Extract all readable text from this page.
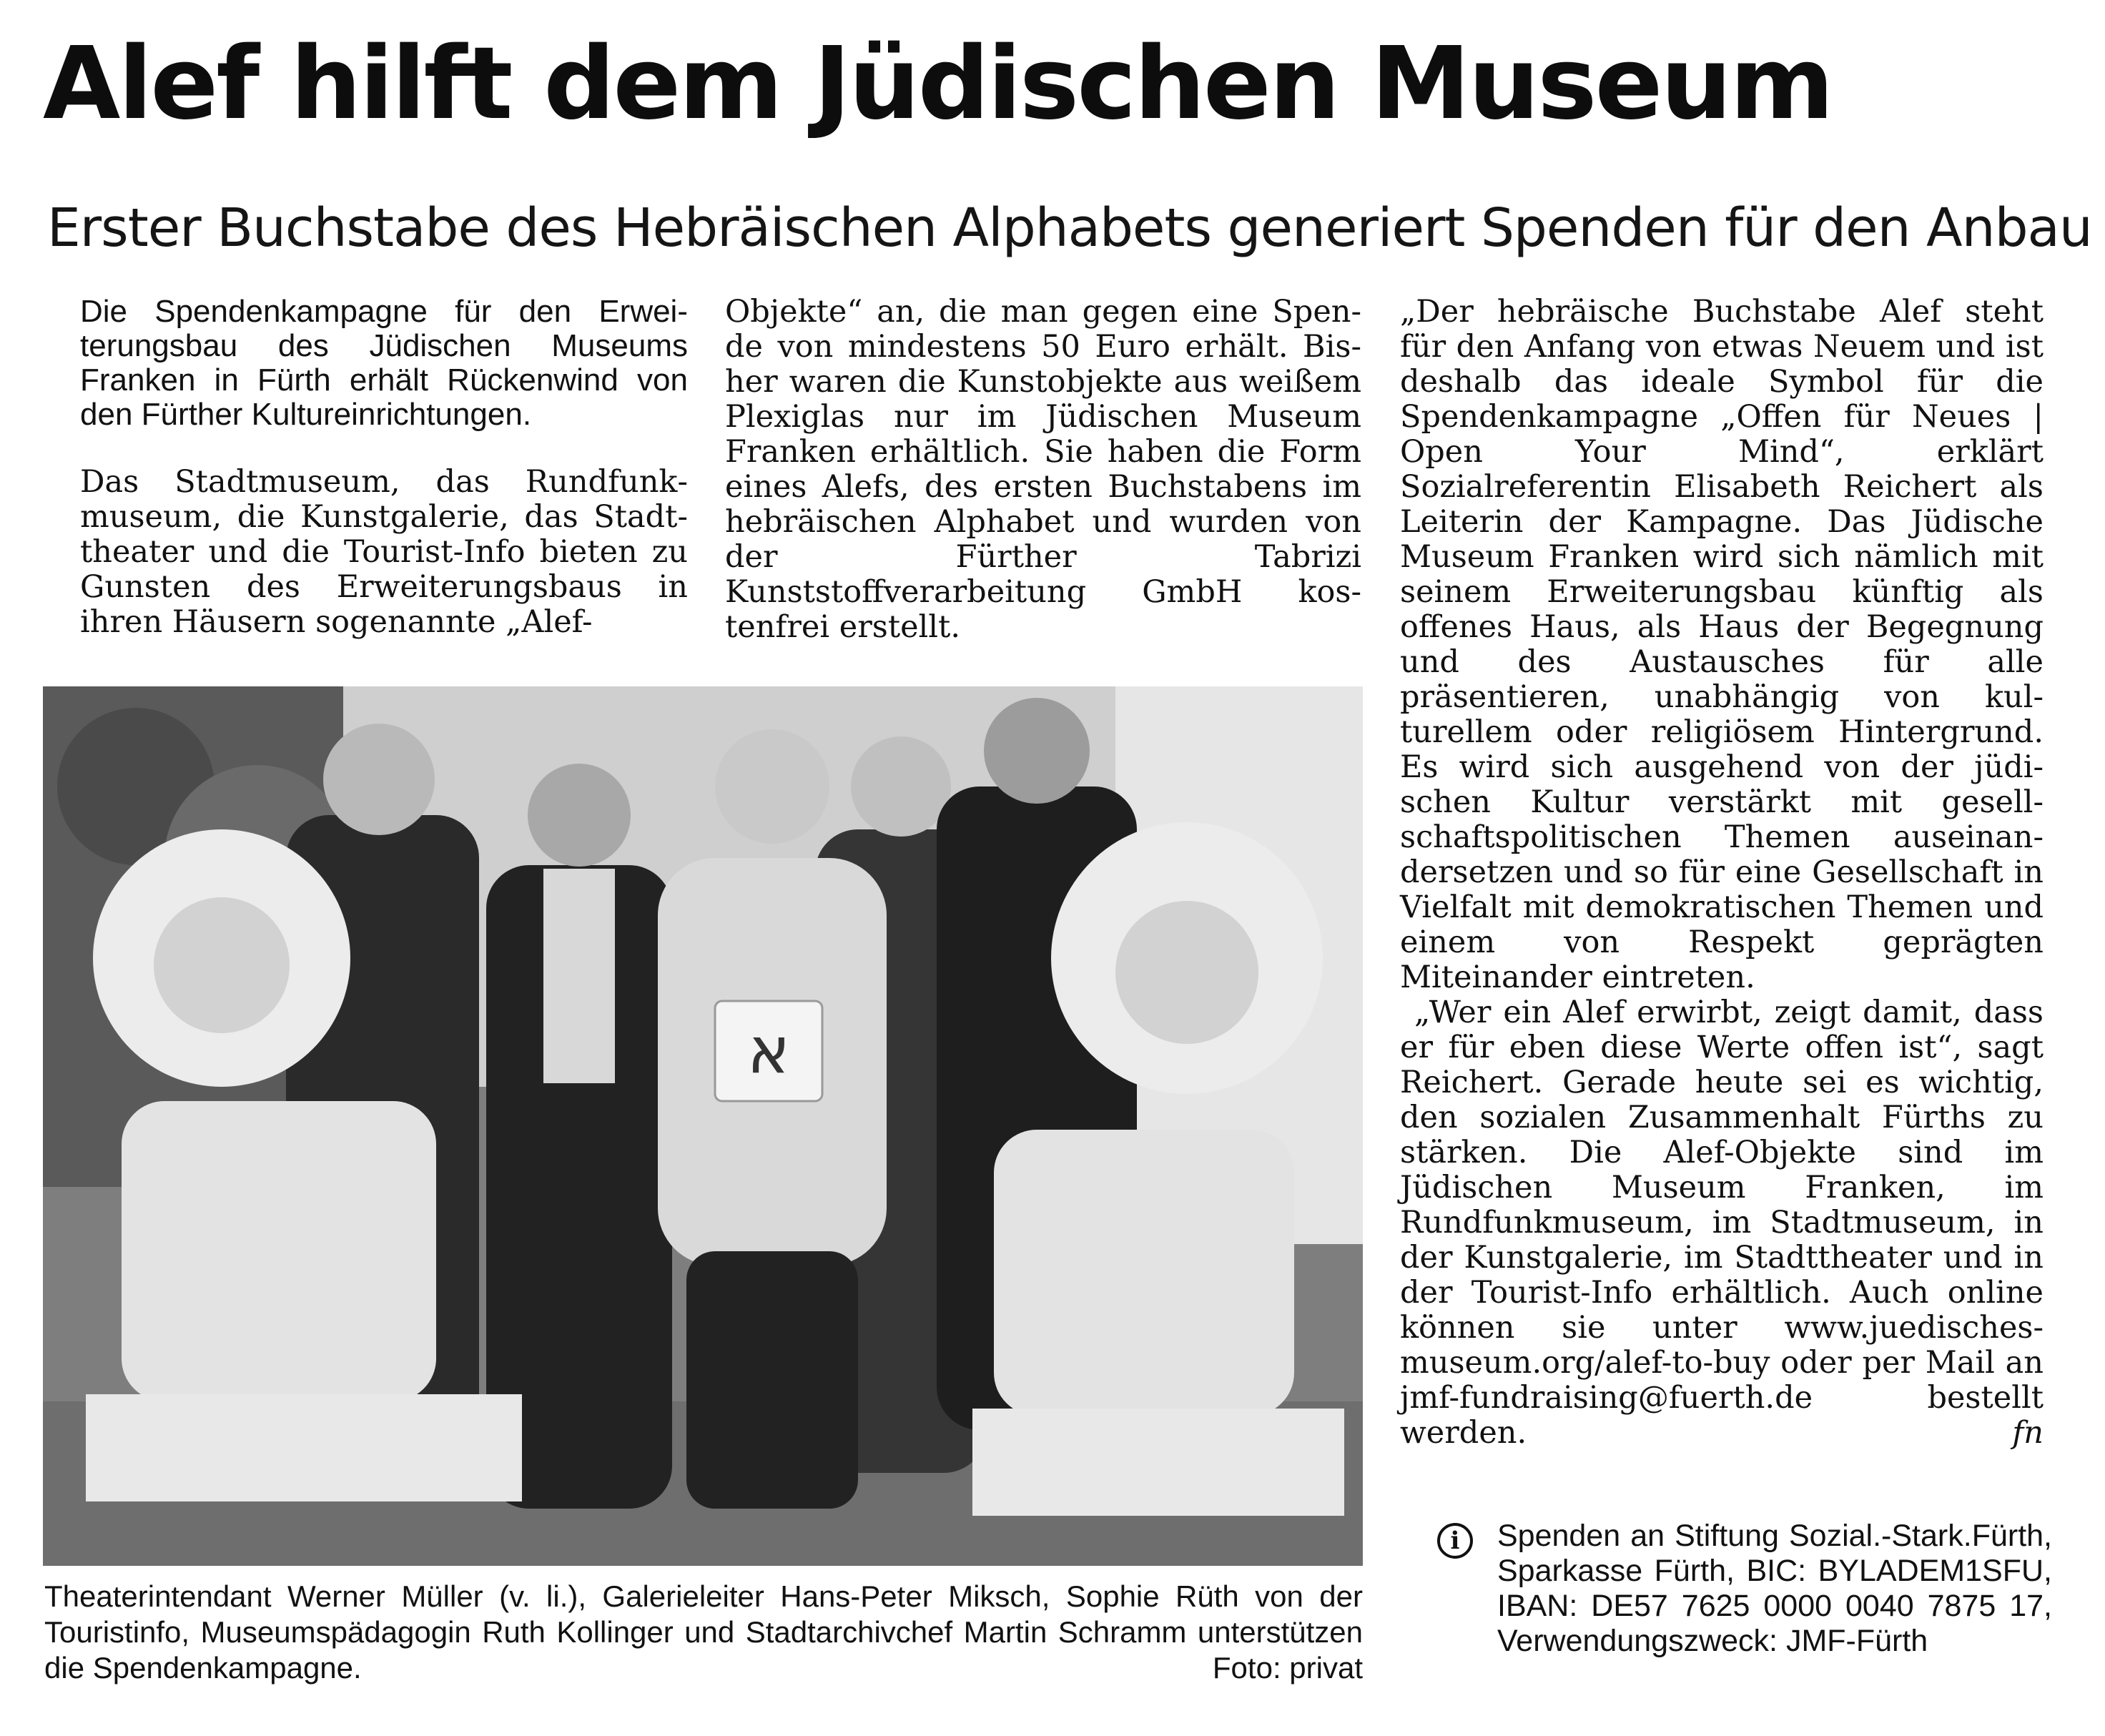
Alef hilft dem Jüdischen Museum
Erster Buchstabe des Hebräischen Alphabets generiert Spenden für den Anbau

Die Spendenkampagne für den Erweiterungsbau des Jüdischen Museums Franken in Fürth erhält Rückenwind von den Fürther Kultureinrichtungen.

Das Stadtmuseum, das Rundfunkmuseum, die Kunstgalerie, das Stadttheater und die Tourist-Info bieten zu Gunsten des Erweiterungsbaus in ihren Häusern sogenannte „Alef-

Objekte“ an, die man gegen eine Spende von mindestens 50 Euro erhält. Bisher waren die Kunstobjekte aus weißem Plexiglas nur im Jüdischen Museum Franken erhältlich. Sie haben die Form eines Alefs, des ersten Buchstabens im hebräischen Alphabet und wurden von der Fürther Tabrizi Kunststoffverarbeitung GmbH kostenfrei erstellt.

„Der hebräische Buchstabe Alef steht für den Anfang von etwas Neuem und ist deshalb das ideale Symbol für die Spendenkampagne „Offen für Neues | Open Your Mind“, erklärt Sozialreferentin Elisabeth Reichert als Leiterin der Kampagne. Das Jüdische Museum Franken wird sich nämlich mit seinem Erweiterungsbau künftig als offenes Haus, als Haus der Begegnung und des Austausches für alle präsentieren, unabhängig von kulturellem oder religiösem Hintergrund. Es wird sich ausgehend von der jüdischen Kultur verstärkt mit gesellschaftspolitischen Themen auseinandersetzen und so für eine Gesellschaft in Vielfalt mit demokratischen Themen und einem von Respekt geprägten Miteinander eintreten.

„Wer ein Alef erwirbt, zeigt damit, dass er für eben diese Werte offen ist“, sagt Reichert. Gerade heute sei es wichtig, den sozialen Zusammenhalt Fürths zu stärken. Die Alef-Objekte sind im Jüdischen Museum Franken, im Rundfunkmuseum, im Stadtmuseum, in der Kunstgalerie, im Stadttheater und in der Tourist-Info erhältlich. Auch online können sie unter www.juedisches-museum.org/alef-to-buy oder per Mail an jmf-fundraising@fuerth.de bestellt werden.	fn
א
Theaterintendant Werner Müller (v. li.), Galerieleiter Hans-Peter Miksch, Sophie Rüth von der Touristinfo, Museumspädagogin Ruth Kollinger und Stadtarchivchef Martin Schramm unterstützen die Spendenkampagne.	Foto: privat
i	Spenden an Stiftung Sozial.-Stark.Fürth, Sparkasse Fürth, BIC: BYLADEM1SFU, IBAN: DE57 7625 0000 0040 7875 17, Verwendungszweck: JMF-Fürth
